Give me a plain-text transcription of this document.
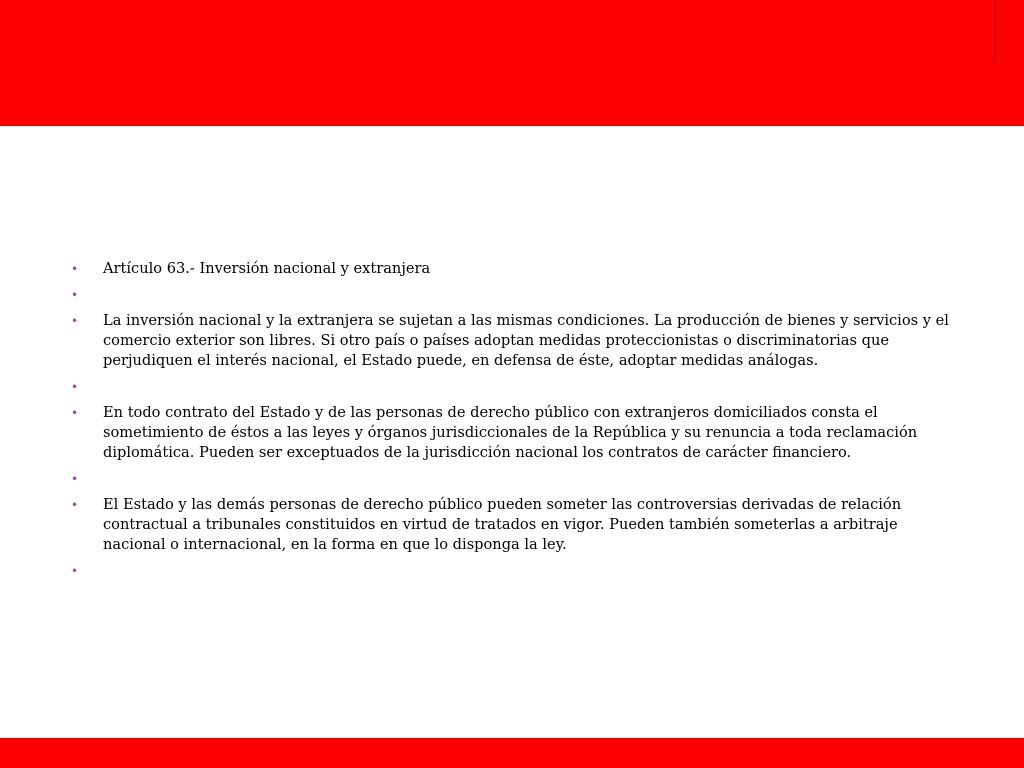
• Artículo 63.- Inversión nacional y extranjera
•
• La inversión nacional y la extranjera se sujetan a las mismas condiciones. La producción de bienes y servicios y el comercio exterior son libres. Si otro país o países adoptan medidas proteccionistas o discriminatorias que perjudiquen el interés nacional, el Estado puede, en defensa de éste, adoptar medidas análogas.
•
• En todo contrato del Estado y de las personas de derecho público con extranjeros domiciliados consta el sometimiento de éstos a las leyes y órganos jurisdiccionales de la República y su renuncia a toda reclamación diplomática. Pueden ser exceptuados de la jurisdicción nacional los contratos de carácter financiero.
•
• El Estado y las demás personas de derecho público pueden someter las controversias derivadas de relación contractual a tribunales constituidos en virtud de tratados en vigor. Pueden también someterlas a arbitraje nacional o internacional, en la forma en que lo disponga la ley.
•
